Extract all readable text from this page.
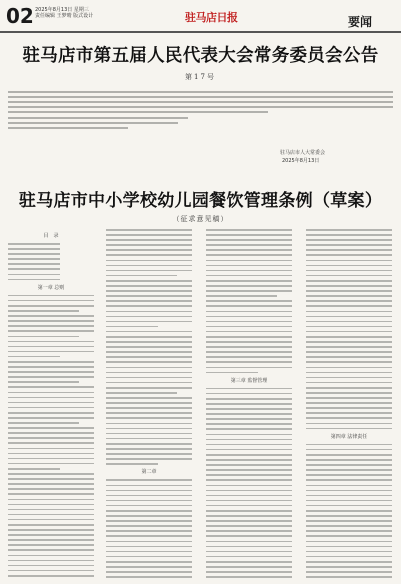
02 2025年8月13日 星期三
责任编辑 王梦晴 版式设计	驻马店日报	要闻
驻马店市第五届人民代表大会常务委员会公告
第17号
驻马店市人大常委会
2025年8月13日
驻马店市中小学校幼儿园餐饮管理条例（草案）
（征求意见稿）
目　录
第一章 总则
第二章
第三章 监督管理
第四章 法律责任
